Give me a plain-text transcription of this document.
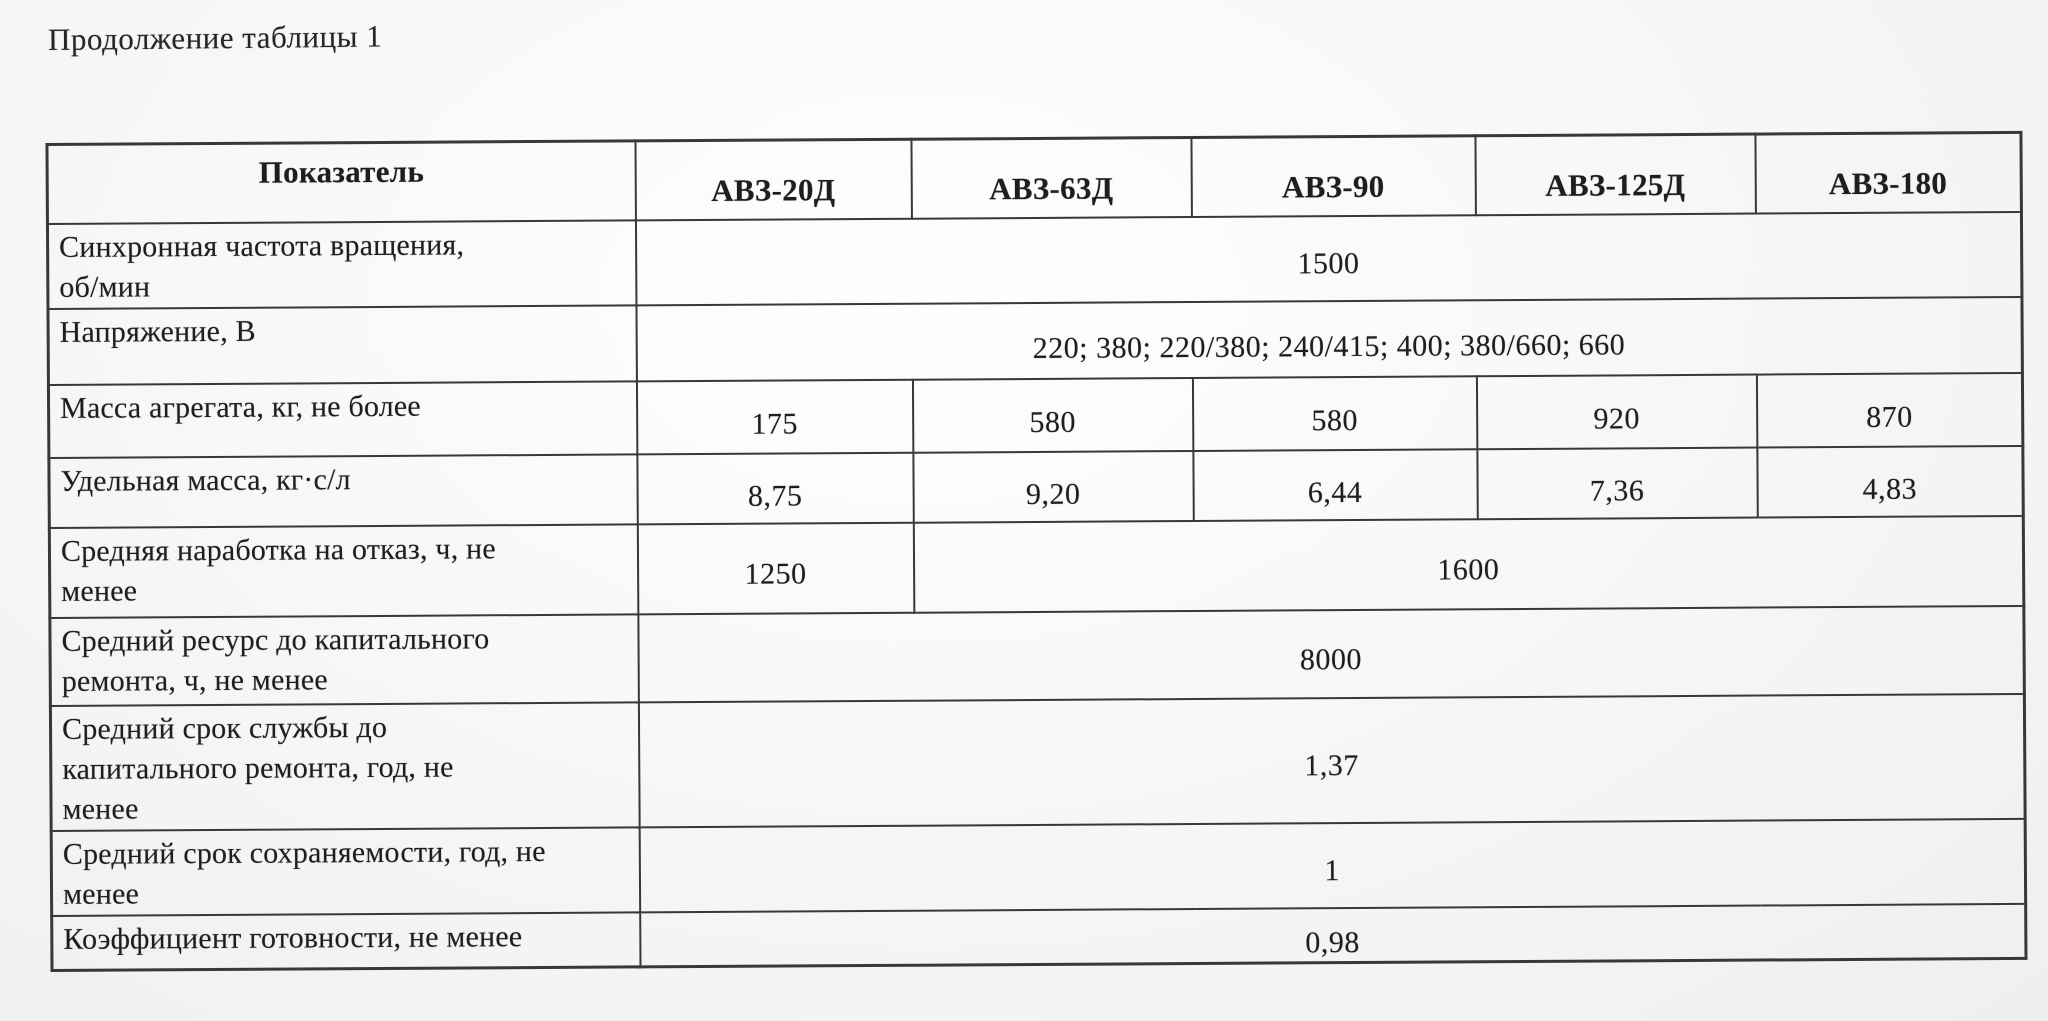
Продолжение таблицы 1
Показатель	АВЗ-20Д	АВЗ-63Д	АВЗ-90	АВЗ-125Д	АВЗ-180
Синхронная частота вращения,
об/мин	1500				
Напряжение, В	220; 380; 220/380; 240/415; 400; 380/660; 660				
Масса агрегата, кг, не более	175	580	580	920	870
Удельная масса, кг·с/л	8,75	9,20	6,44	7,36	4,83
Средняя наработка на отказ, ч, не
менее	1250	1600			
Средний ресурс до капитального
ремонта, ч, не менее	8000				
Средний срок службы до
капитального ремонта, год, не
менее	1,37				
Средний срок сохраняемости, год, не
менее	1				
Коэффициент готовности, не менее	0,98				
